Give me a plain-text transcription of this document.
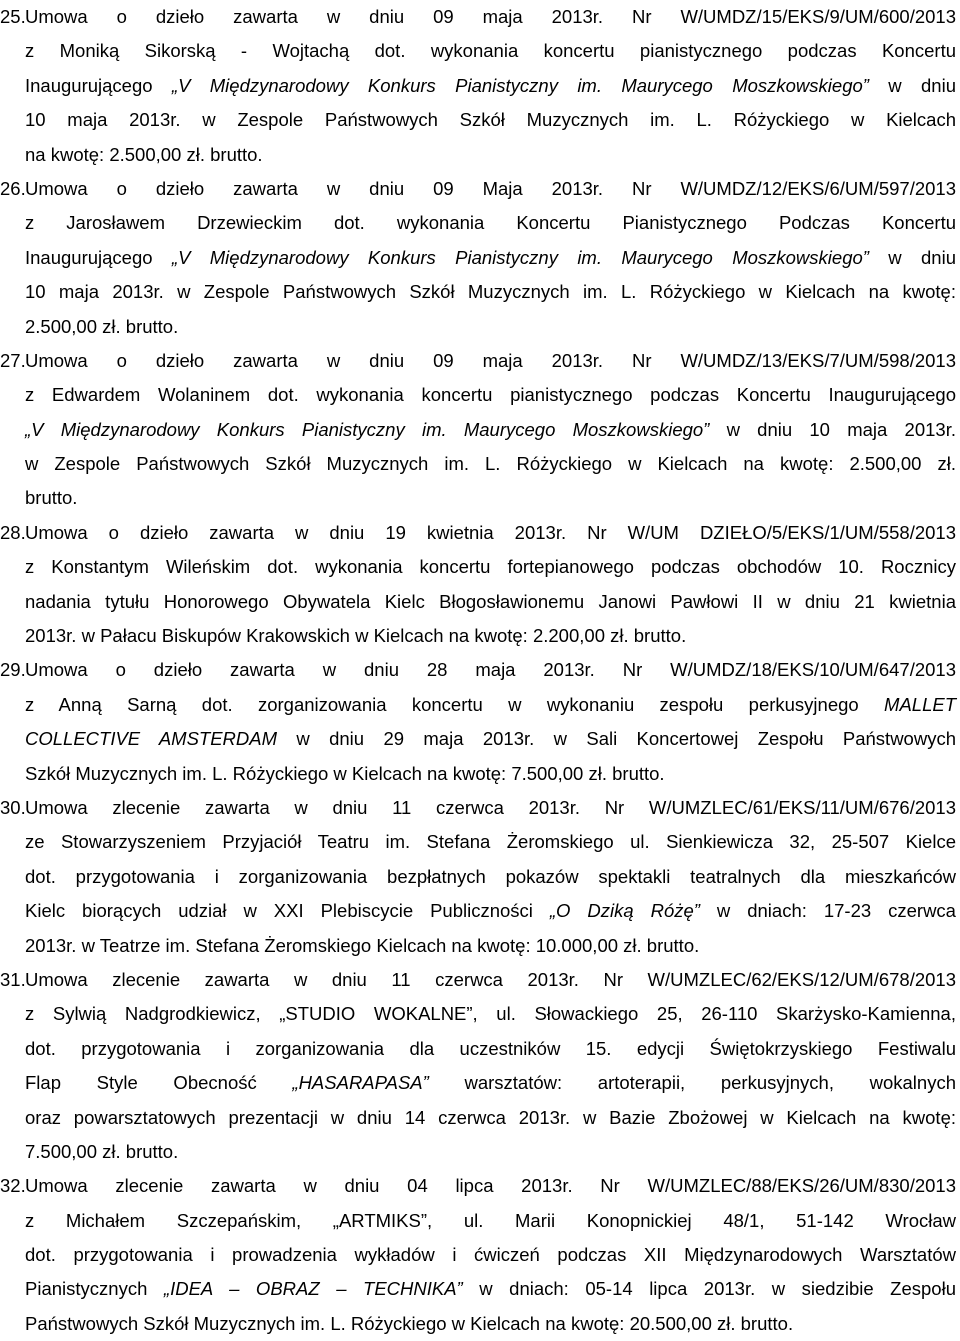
25. Umowa o dzieło zawarta w dniu 09 maja 2013r. Nr W/UMDZ/15/EKS/9/UM/600/2013
z Moniką Sikorską - Wojtachą dot. wykonania koncertu pianistycznego podczas Koncertu
Inaugurującego „V Międzynarodowy Konkurs Pianistyczny im. Maurycego Moszkowskiego” w dniu
10 maja 2013r. w Zespole Państwowych Szkół Muzycznych im. L. Różyckiego w Kielcach
na kwotę: 2.500,00 zł. brutto.
26. Umowa o dzieło zawarta w dniu 09 Maja 2013r. Nr W/UMDZ/12/EKS/6/UM/597/2013
z Jarosławem Drzewieckim dot. wykonania Koncertu Pianistycznego Podczas Koncertu
Inaugurującego „V Międzynarodowy Konkurs Pianistyczny im. Maurycego Moszkowskiego” w dniu
10 maja 2013r. w Zespole Państwowych Szkół Muzycznych im. L. Różyckiego w Kielcach na kwotę:
2.500,00 zł. brutto.
27. Umowa o dzieło zawarta w dniu 09 maja 2013r. Nr W/UMDZ/13/EKS/7/UM/598/2013
z Edwardem Wolaninem dot. wykonania koncertu pianistycznego podczas Koncertu Inaugurującego
„V Międzynarodowy Konkurs Pianistyczny im. Maurycego Moszkowskiego” w dniu 10 maja 2013r.
w Zespole Państwowych Szkół Muzycznych im. L. Różyckiego w Kielcach na kwotę: 2.500,00 zł.
brutto.
28. Umowa o dzieło zawarta w dniu 19 kwietnia 2013r. Nr W/UM DZIEŁO/5/EKS/1/UM/558/2013
z Konstantym Wileńskim dot. wykonania koncertu fortepianowego podczas obchodów 10. Rocznicy
nadania tytułu Honorowego Obywatela Kielc Błogosławionemu Janowi Pawłowi II w dniu 21 kwietnia
2013r. w Pałacu Biskupów Krakowskich w Kielcach na kwotę: 2.200,00 zł. brutto.
29. Umowa o dzieło zawarta w dniu 28 maja 2013r. Nr W/UMDZ/18/EKS/10/UM/647/2013
z Anną Sarną dot. zorganizowania koncertu w wykonaniu zespołu perkusyjnego MALLET
COLLECTIVE AMSTERDAM w dniu 29 maja 2013r. w Sali Koncertowej Zespołu Państwowych
Szkół Muzycznych im. L. Różyckiego w Kielcach na kwotę: 7.500,00 zł. brutto.
30. Umowa zlecenie zawarta w dniu 11 czerwca 2013r. Nr W/UMZLEC/61/EKS/11/UM/676/2013
ze Stowarzyszeniem Przyjaciół Teatru im. Stefana Żeromskiego ul. Sienkiewicza 32, 25-507 Kielce
dot. przygotowania i zorganizowania bezpłatnych pokazów spektakli teatralnych dla mieszkańców
Kielc biorących udział w XXI Plebiscycie Publiczności „O Dziką Różę” w dniach: 17-23 czerwca
2013r. w Teatrze im. Stefana Żeromskiego Kielcach na kwotę: 10.000,00 zł. brutto.
31. Umowa zlecenie zawarta w dniu 11 czerwca 2013r. Nr W/UMZLEC/62/EKS/12/UM/678/2013
z Sylwią Nadgrodkiewicz, „STUDIO WOKALNE”, ul. Słowackiego 25, 26-110 Skarżysko-Kamienna,
dot. przygotowania i zorganizowania dla uczestników 15. edycji Świętokrzyskiego Festiwalu
Flap Style Obecność „HASARAPASA” warsztatów: artoterapii, perkusyjnych, wokalnych
oraz powarsztatowych prezentacji w dniu 14 czerwca 2013r. w Bazie Zbożowej w Kielcach na kwotę:
7.500,00 zł. brutto.
32. Umowa zlecenie zawarta w dniu 04 lipca 2013r. Nr W/UMZLEC/88/EKS/26/UM/830/2013
z Michałem Szczepańskim, „ARTMIKS”, ul. Marii Konopnickiej 48/1, 51-142 Wrocław
dot. przygotowania i prowadzenia wykładów i ćwiczeń podczas XII Międzynarodowych Warsztatów
Pianistycznych „IDEA – OBRAZ – TECHNIKA” w dniach: 05-14 lipca 2013r. w siedzibie Zespołu
Państwowych Szkół Muzycznych im. L. Różyckiego w Kielcach na kwotę: 20.500,00 zł. brutto.
